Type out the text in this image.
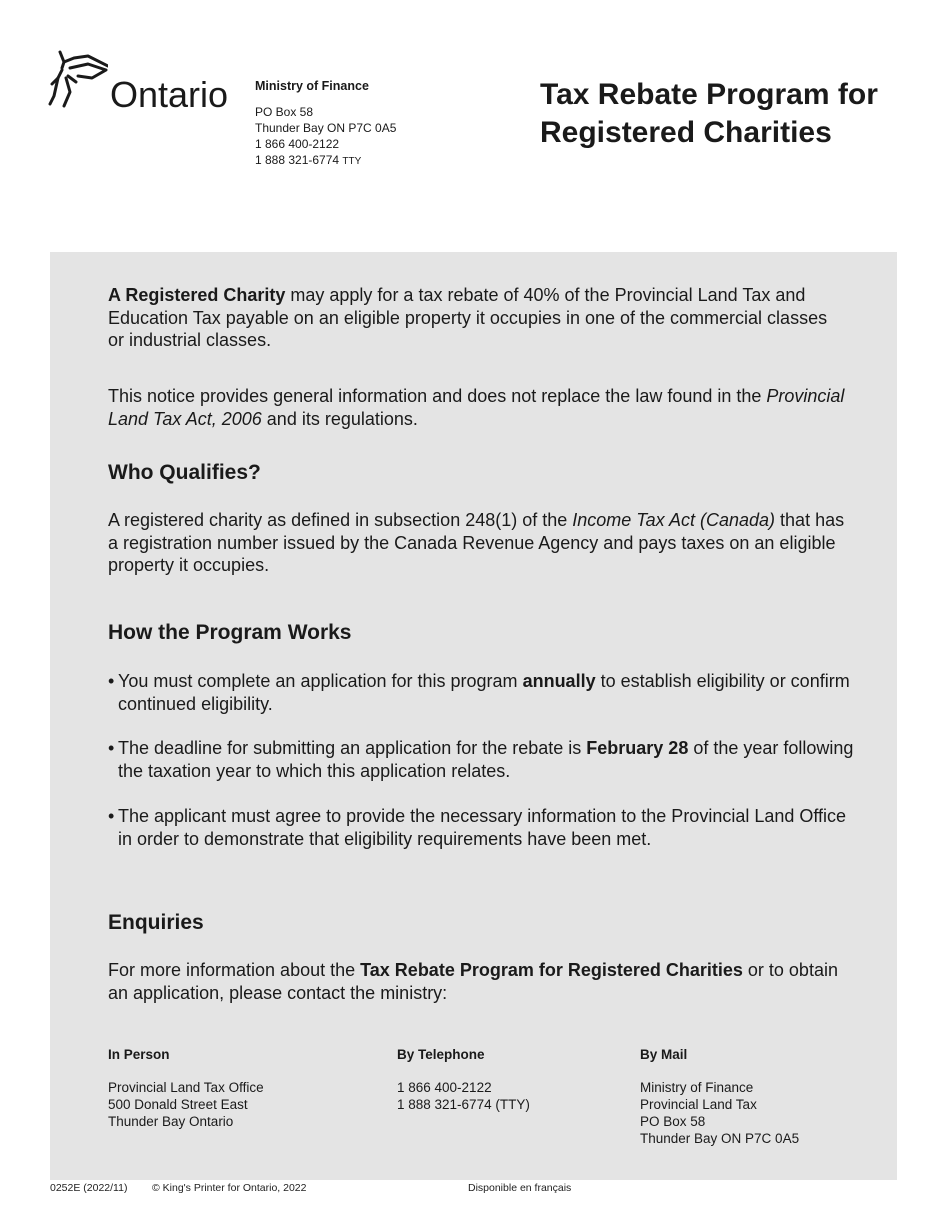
Ontario Ministry of Finance
PO Box 58
Thunder Bay ON P7C 0A5
1 866 400-2122
1 888 321-6774 TTY
Tax Rebate Program for
Registered Charities

A Registered Charity may apply for a tax rebate of 40% of the Provincial Land Tax and Education Tax payable on an eligible property it occupies in one of the commercial classes or industrial classes.

This notice provides general information and does not replace the law found in the Provincial Land Tax Act, 2006 and its regulations.

Who Qualifies?

A registered charity as defined in subsection 248(1) of the Income Tax Act (Canada) that has a registration number issued by the Canada Revenue Agency and pays taxes on an eligible property it occupies.

How the Program Works
• You must complete an application for this program annually to establish eligibility or confirm continued eligibility.
• The deadline for submitting an application for the rebate is February 28 of the year following the taxation year to which this application relates.
• The applicant must agree to provide the necessary information to the Provincial Land Office in order to demonstrate that eligibility requirements have been met.
Enquiries

For more information about the Tax Rebate Program for Registered Charities or to obtain an application, please contact the ministry:

In Person
Provincial Land Tax Office
500 Donald Street East
Thunder Bay Ontario
By Telephone
1 866 400-2122
1 888 321-6774 (TTY)
By Mail
Ministry of Finance
Provincial Land Tax
PO Box 58
Thunder Bay ON P7C 0A5
0252E (2022/11) © King's Printer for Ontario, 2022	Disponible en français
